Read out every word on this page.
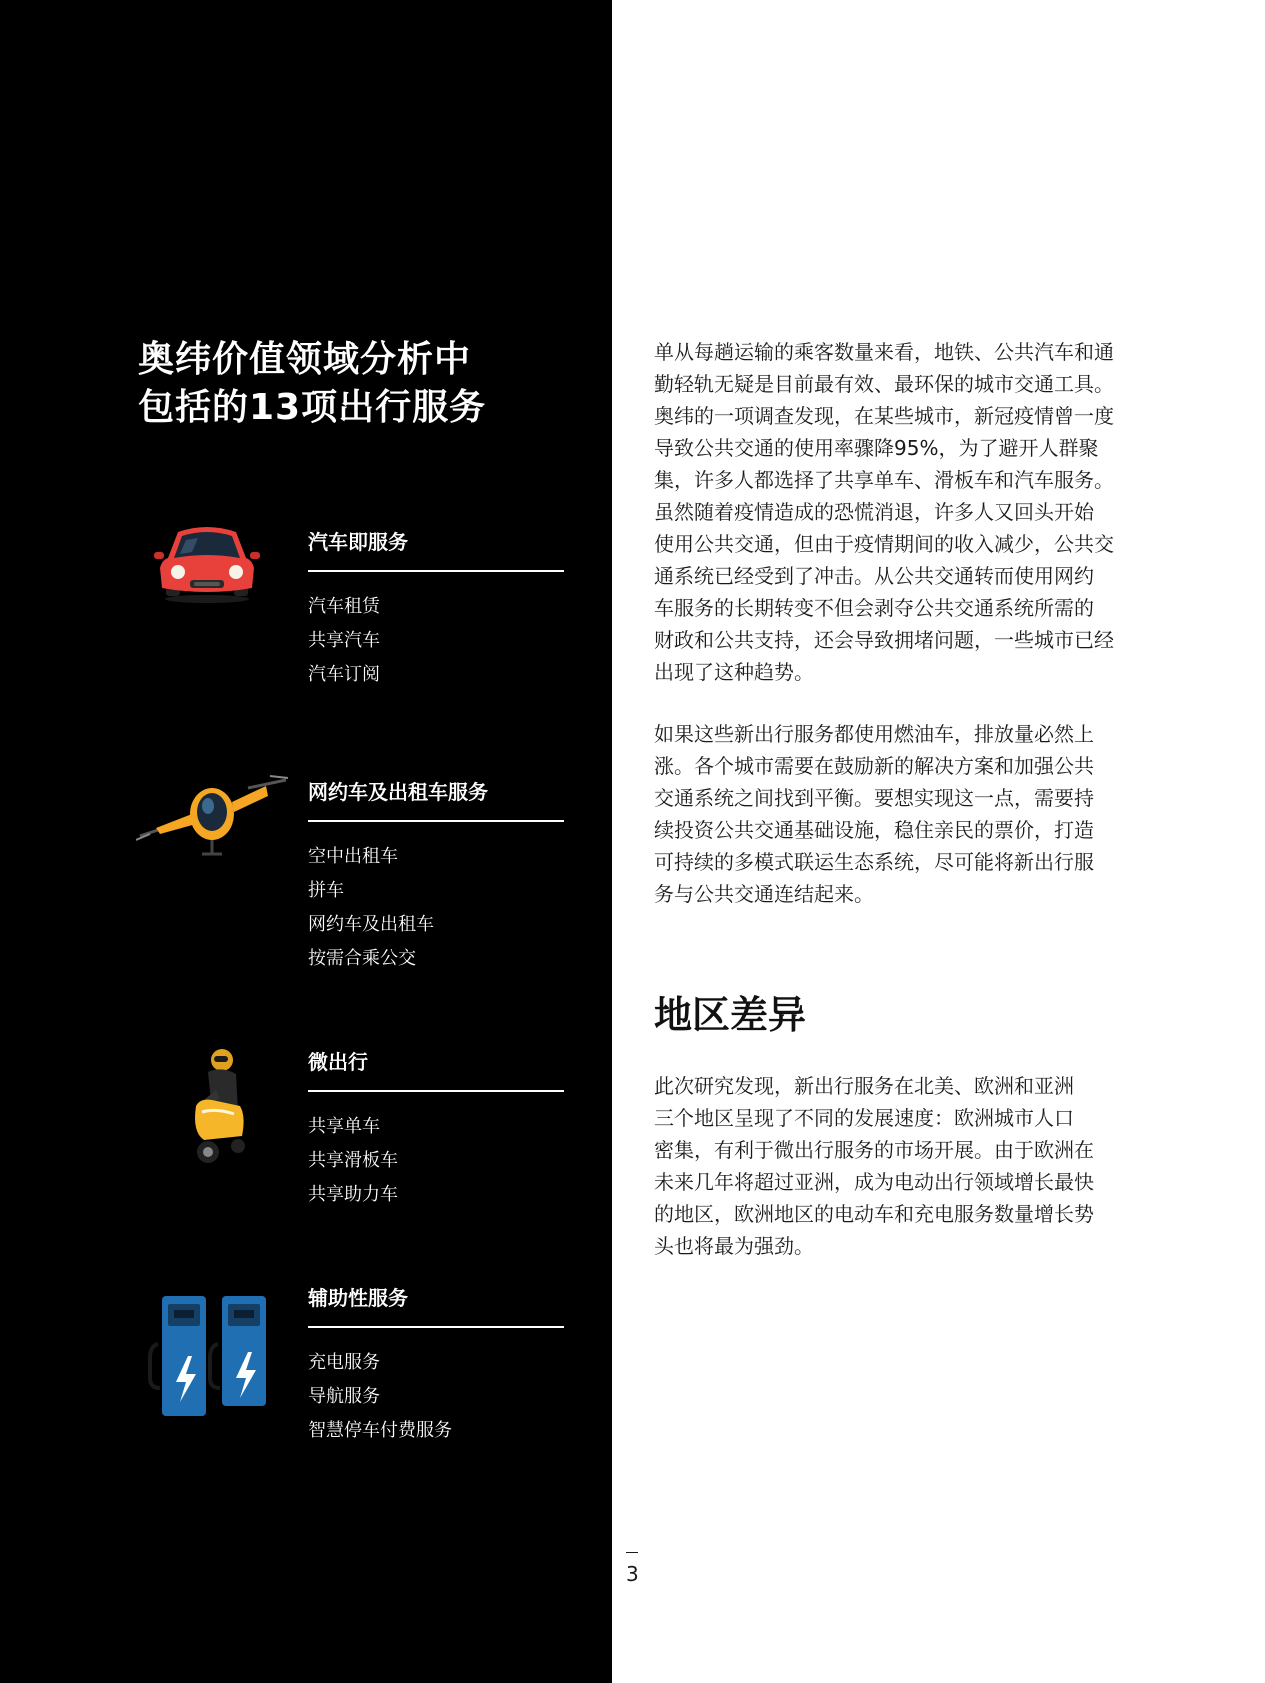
奥纬价值领域分析中
包括的13项出行服务
汽车即服务
汽车租赁
共享汽车
汽车订阅
网约车及出租车服务
空中出租车
拼车
网约车及出租车
按需合乘公交
微出行
共享单车
共享滑板车
共享助力车
辅助性服务
充电服务
导航服务
智慧停车付费服务

单从每趟运输的乘客数量来看，地铁、公共汽车和通
勤轻轨无疑是目前最有效、最环保的城市交通工具。
奥纬的一项调查发现，在某些城市，新冠疫情曾一度
导致公共交通的使用率骤降95%，为了避开人群聚
集，许多人都选择了共享单车、滑板车和汽车服务。
虽然随着疫情造成的恐慌消退，许多人又回头开始
使用公共交通，但由于疫情期间的收入减少，公共交
通系统已经受到了冲击。从公共交通转而使用网约
车服务的长期转变不但会剥夺公共交通系统所需的
财政和公共支持，还会导致拥堵问题，一些城市已经
出现了这种趋势。

如果这些新出行服务都使用燃油车，排放量必然上
涨。各个城市需要在鼓励新的解决方案和加强公共
交通系统之间找到平衡。要想实现这一点，需要持
续投资公共交通基础设施，稳住亲民的票价，打造
可持续的多模式联运生态系统，尽可能将新出行服
务与公共交通连结起来。

地区差异

此次研究发现，新出行服务在北美、欧洲和亚洲
三个地区呈现了不同的发展速度：欧洲城市人口
密集，有利于微出行服务的市场开展。由于欧洲在
未来几年将超过亚洲，成为电动出行领域增长最快
的地区，欧洲地区的电动车和充电服务数量增长势
头也将最为强劲。

3
